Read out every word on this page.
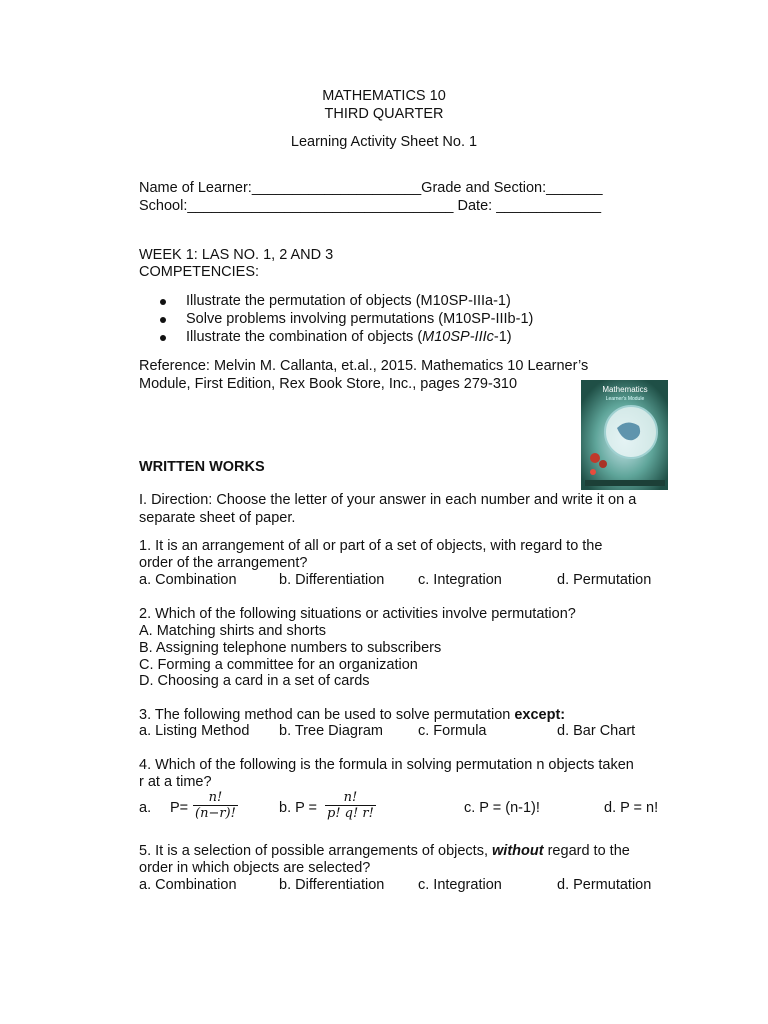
MATHEMATICS 10
THIRD QUARTER
Learning Activity Sheet No. 1
Name of Learner:_____________________Grade and Section:_______
School:_________________________________ Date: _____________
WEEK 1: LAS NO. 1, 2 AND 3
COMPETENCIES:
Illustrate the permutation of objects (M10SP-IIIa-1)
Solve problems involving permutations (M10SP-IIIb-1)
Illustrate the combination of objects (M10SP-IIIc-1)
Reference: Melvin M. Callanta, et.al., 2015. Mathematics 10 Learner’s
Module, First Edition, Rex Book Store, Inc., pages 279-310	Mathematics
Learner's Module
WRITTEN WORKS
I. Direction: Choose the letter of your answer in each number and write it on a
separate sheet of paper.
1. It is an arrangement of all or part of a set of objects, with regard to the
order of the arrangement?
a. Combination	b. Differentiation c. Integration	d. Permutation
2. Which of the following situations or activities involve permutation?
A. Matching shirts and shorts
B. Assigning telephone numbers to subscribers
C. Forming a committee for an organization
D. Choosing a card in a set of cards
3. The following method can be used to solve permutation except:
a. Listing Method b. Tree Diagram c. Formula	d. Bar Chart
4. Which of the following is the formula in solving permutation n objects taken
r at a time?
a. $P= \frac{n!}{(n-r)!}$	b. $P = \frac{n!}{p! q! r!}$	c. P = (n-1)!	d. P = n!
5. It is a selection of possible arrangements of objects, without regard to the
order in which objects are selected?
a. Combination	b. Differentiation c. Integration	d. Permutation
